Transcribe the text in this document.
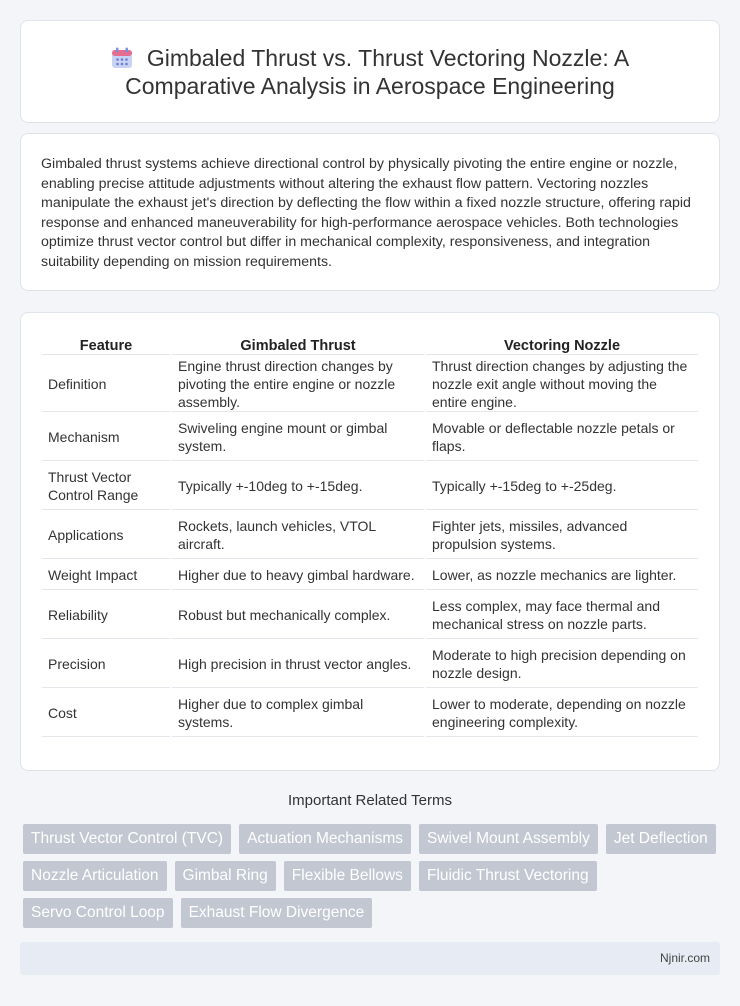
Gimbaled Thrust vs. Thrust Vectoring Nozzle: A Comparative Analysis in Aerospace Engineering

Gimbaled thrust systems achieve directional control by physically pivoting the entire engine or nozzle, enabling precise attitude adjustments without altering the exhaust flow pattern. Vectoring nozzles manipulate the exhaust jet's direction by deflecting the flow within a fixed nozzle structure, offering rapid response and enhanced maneuverability for high-performance aerospace vehicles. Both technologies optimize thrust vector control but differ in mechanical complexity, responsiveness, and integration suitability depending on mission requirements.

Feature	Gimbaled Thrust	Vectoring Nozzle
Definition	Engine thrust direction changes by pivoting the entire engine or nozzle assembly.	Thrust direction changes by adjusting the nozzle exit angle without moving the entire engine.
Mechanism	Swiveling engine mount or gimbal system.	Movable or deflectable nozzle petals or flaps.
Thrust Vector Control Range	Typically +-10deg to +-15deg.	Typically +-15deg to +-25deg.
Applications	Rockets, launch vehicles, VTOL aircraft.	Fighter jets, missiles, advanced propulsion systems.
Weight Impact	Higher due to heavy gimbal hardware.	Lower, as nozzle mechanics are lighter.
Reliability	Robust but mechanically complex.	Less complex, may face thermal and mechanical stress on nozzle parts.
Precision	High precision in thrust vector angles.	Moderate to high precision depending on nozzle design.
Cost	Higher due to complex gimbal systems.	Lower to moderate, depending on nozzle engineering complexity.
Important Related Terms
Thrust Vector Control (TVC)	Actuation Mechanisms	Swivel Mount Assembly	Jet Deflection
Nozzle Articulation	Gimbal Ring	Flexible Bellows	Fluidic Thrust Vectoring
Servo Control Loop	Exhaust Flow Divergence
Njnir.com
